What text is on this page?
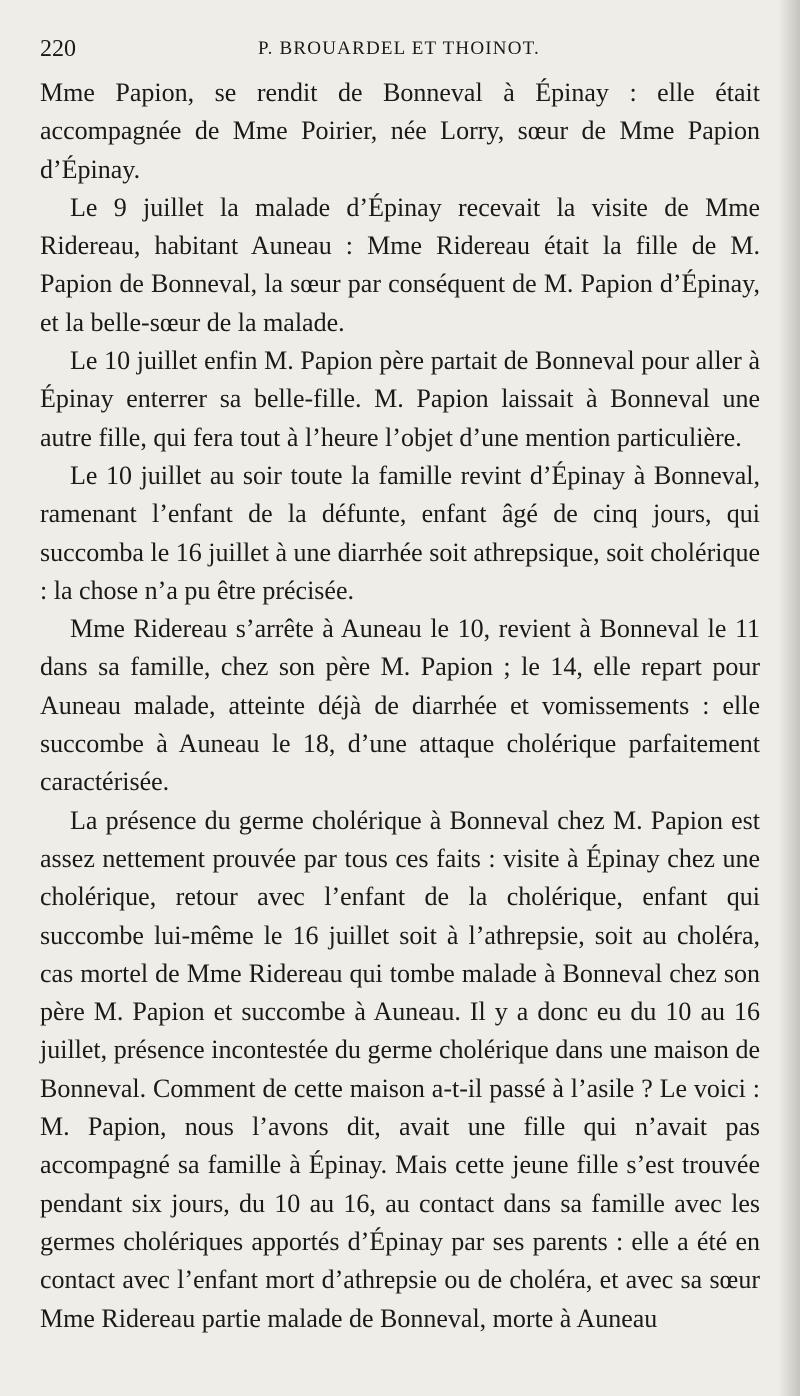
220	P. BROUARDEL ET THOINOT.

Mme Papion, se rendit de Bonneval à Épinay : elle était accompagnée de Mme Poirier, née Lorry, sœur de Mme Papion d’Épinay.

Le 9 juillet la malade d’Épinay recevait la visite de Mme Ridereau, habitant Auneau : Mme Ridereau était la fille de M. Papion de Bonneval, la sœur par conséquent de M. Papion d’Épinay, et la belle-sœur de la malade.

Le 10 juillet enfin M. Papion père partait de Bonneval pour aller à Épinay enterrer sa belle-fille. M. Papion laissait à Bonneval une autre fille, qui fera tout à l’heure l’objet d’une mention particulière.

Le 10 juillet au soir toute la famille revint d’Épinay à Bonneval, ramenant l’enfant de la défunte, enfant âgé de cinq jours, qui succomba le 16 juillet à une diarrhée soit athrepsique, soit cholérique : la chose n’a pu être précisée.

Mme Ridereau s’arrête à Auneau le 10, revient à Bonneval le 11 dans sa famille, chez son père M. Papion ; le 14, elle repart pour Auneau malade, atteinte déjà de diarrhée et vomissements : elle succombe à Auneau le 18, d’une attaque cholérique parfaitement caractérisée.

La présence du germe cholérique à Bonneval chez M. Papion est assez nettement prouvée par tous ces faits : visite à Épinay chez une cholérique, retour avec l’enfant de la cholérique, enfant qui succombe lui-même le 16 juillet soit à l’athrepsie, soit au choléra, cas mortel de Mme Ridereau qui tombe malade à Bonneval chez son père M. Papion et succombe à Auneau. Il y a donc eu du 10 au 16 juillet, présence incontestée du germe cholérique dans une maison de Bonneval. Comment de cette maison a-t-il passé à l’asile ? Le voici : M. Papion, nous l’avons dit, avait une fille qui n’avait pas accompagné sa famille à Épinay. Mais cette jeune fille s’est trouvée pendant six jours, du 10 au 16, au contact dans sa famille avec les germes cholériques apportés d’Épinay par ses parents : elle a été en contact avec l’enfant mort d’athrepsie ou de choléra, et avec sa sœur Mme Ridereau partie malade de Bonneval, morte à Auneau
